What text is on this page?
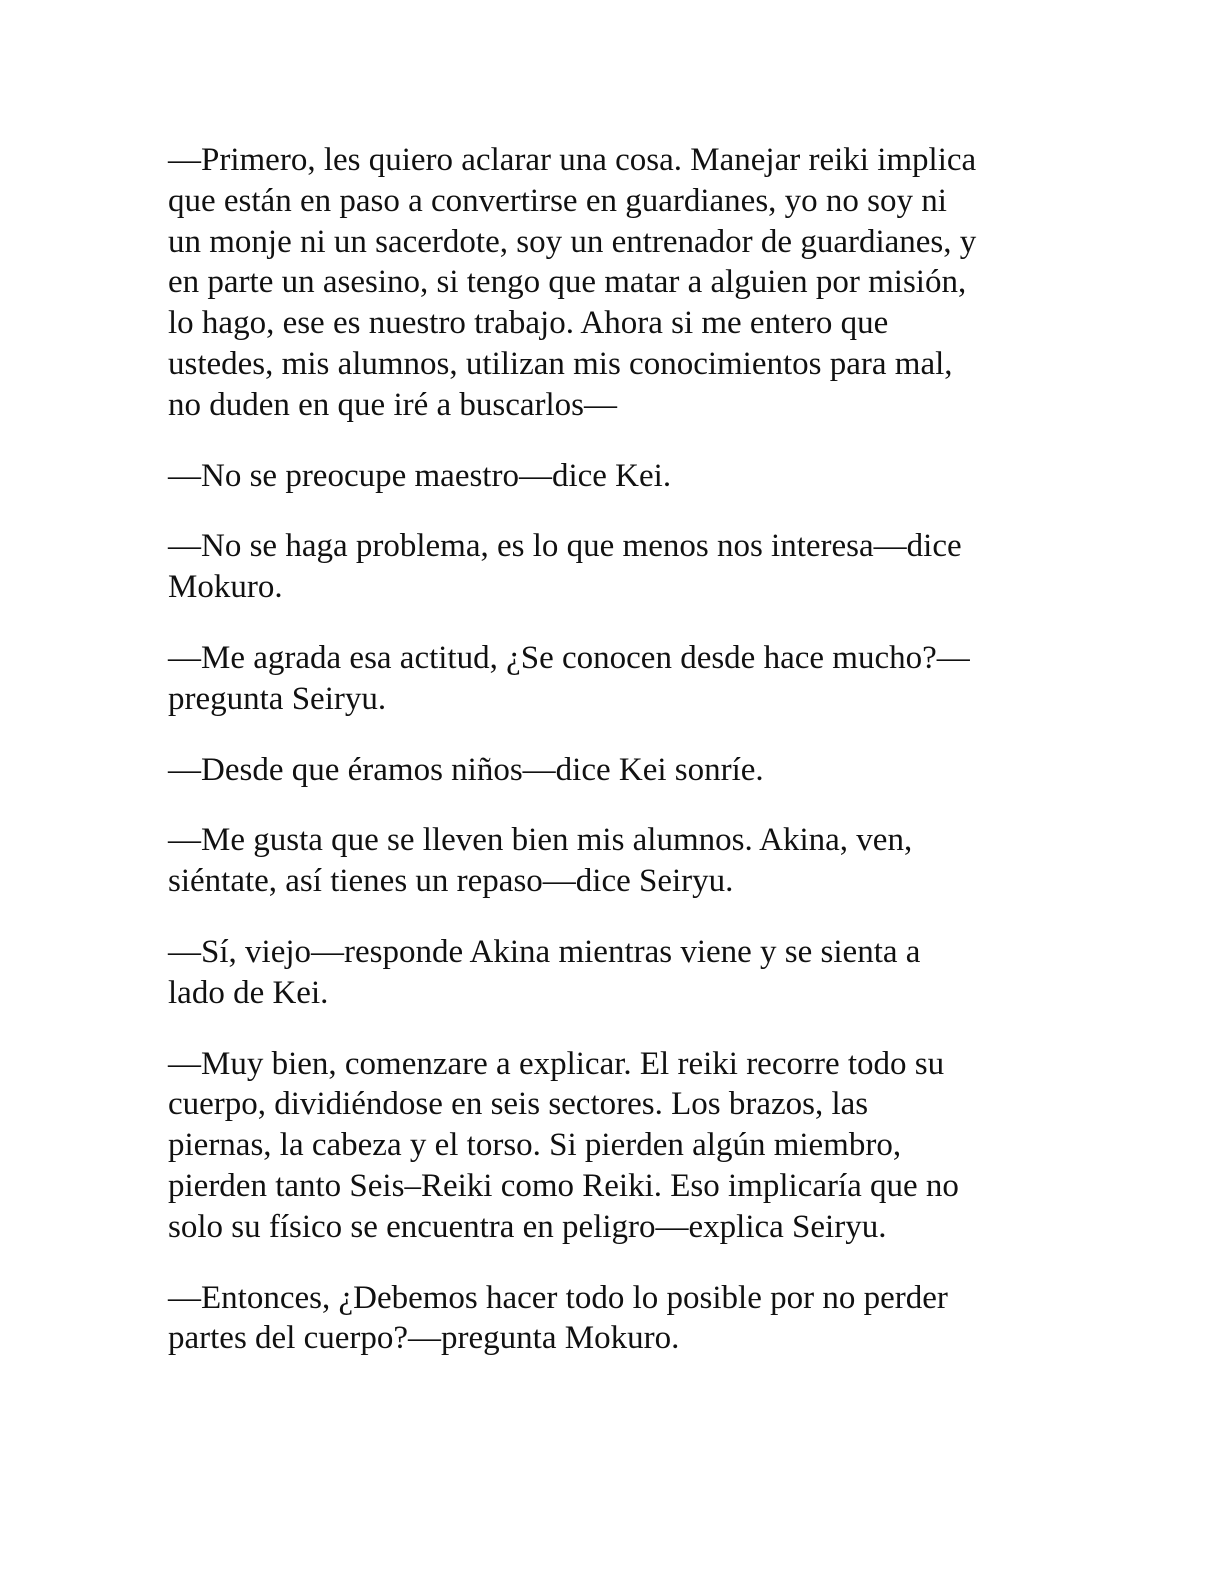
—Primero, les quiero aclarar una cosa. Manejar reiki implica
que están en paso a convertirse en guardianes, yo no soy ni
un monje ni un sacerdote, soy un entrenador de guardianes, y
en parte un asesino, si tengo que matar a alguien por misión,
lo hago, ese es nuestro trabajo. Ahora si me entero que
ustedes, mis alumnos, utilizan mis conocimientos para mal,
no duden en que iré a buscarlos—

—No se preocupe maestro—dice Kei.

—No se haga problema, es lo que menos nos interesa—dice
Mokuro.

—Me agrada esa actitud, ¿Se conocen desde hace mucho?—
pregunta Seiryu.

—Desde que éramos niños—dice Kei sonríe.

—Me gusta que se lleven bien mis alumnos. Akina, ven,
siéntate, así tienes un repaso—dice Seiryu.

—Sí, viejo—responde Akina mientras viene y se sienta a
lado de Kei.

—Muy bien, comenzare a explicar. El reiki recorre todo su
cuerpo, dividiéndose en seis sectores. Los brazos, las
piernas, la cabeza y el torso. Si pierden algún miembro,
pierden tanto Seis–Reiki como Reiki. Eso implicaría que no
solo su físico se encuentra en peligro—explica Seiryu.

—Entonces, ¿Debemos hacer todo lo posible por no perder
partes del cuerpo?—pregunta Mokuro.
